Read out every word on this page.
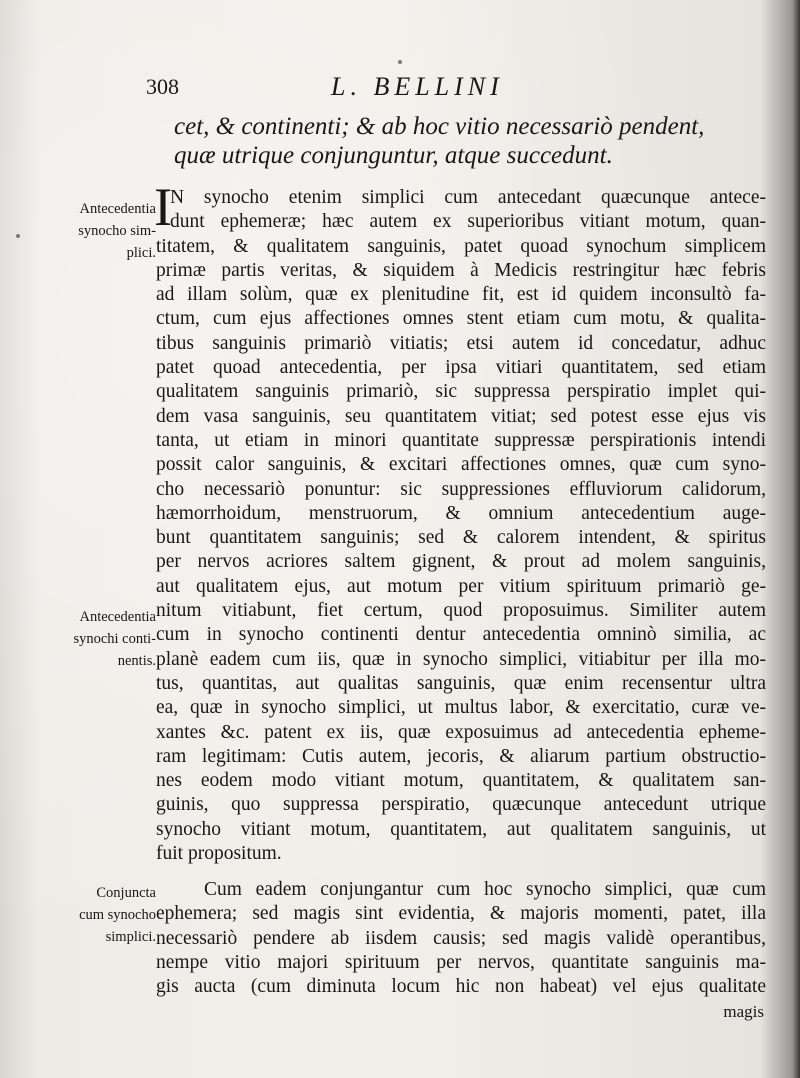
308	L. BELLINI
cet, & continenti; & ab hoc vitio necessariò pendent,
quæ utrique conjunguntur, atque succedunt.
Antecedentia
synocho sim-
plici.
Antecedentia
synochi conti-
nentis.
Conjuncta
cum synocho
simplici.
I
N synocho etenim simplici cum antecedant quæcunque antece-
dunt ephemeræ; hæc autem ex superioribus vitiant motum, quan-
titatem, & qualitatem sanguinis, patet quoad synochum simplicem
primæ partis veritas, & siquidem à Medicis restringitur hæc febris
ad illam solùm, quæ ex plenitudine fit, est id quidem inconsultò fa-
ctum, cum ejus affectiones omnes stent etiam cum motu, & qualita-
tibus sanguinis primariò vitiatis; etsi autem id concedatur, adhuc
patet quoad antecedentia, per ipsa vitiari quantitatem, sed etiam
qualitatem sanguinis primariò, sic suppressa perspiratio implet qui-
dem vasa sanguinis, seu quantitatem vitiat; sed potest esse ejus vis
tanta, ut etiam in minori quantitate suppressæ perspirationis intendi
possit calor sanguinis, & excitari affectiones omnes, quæ cum syno-
cho necessariò ponuntur: sic suppressiones effluviorum calidorum,
hæmorrhoidum, menstruorum, & omnium antecedentium auge-
bunt quantitatem sanguinis; sed & calorem intendent, & spiritus
per nervos acriores saltem gignent, & prout ad molem sanguinis,
aut qualitatem ejus, aut motum per vitium spirituum primariò ge-
nitum vitiabunt, fiet certum, quod proposuimus. Similiter autem
cum in synocho continenti dentur antecedentia omninò similia, ac
planè eadem cum iis, quæ in synocho simplici, vitiabitur per illa mo-
tus, quantitas, aut qualitas sanguinis, quæ enim recensentur ultra
ea, quæ in synocho simplici, ut multus labor, & exercitatio, curæ ve-
xantes &c. patent ex iis, quæ exposuimus ad antecedentia epheme-
ram legitimam: Cutis autem, jecoris, & aliarum partium obstructio-
nes eodem modo vitiant motum, quantitatem, & qualitatem san-
guinis, quo suppressa perspiratio, quæcunque antecedunt utrique
synocho vitiant motum, quantitatem, aut qualitatem sanguinis, ut
fuit propositum.
Cum eadem conjungantur cum hoc synocho simplici, quæ cum
ephemera; sed magis sint evidentia, & majoris momenti, patet, illa
necessariò pendere ab iisdem causis; sed magis validè operantibus,
nempe vitio majori spirituum per nervos, quantitate sanguinis ma-
gis aucta (cum diminuta locum hic non habeat) vel ejus qualitate
magis
